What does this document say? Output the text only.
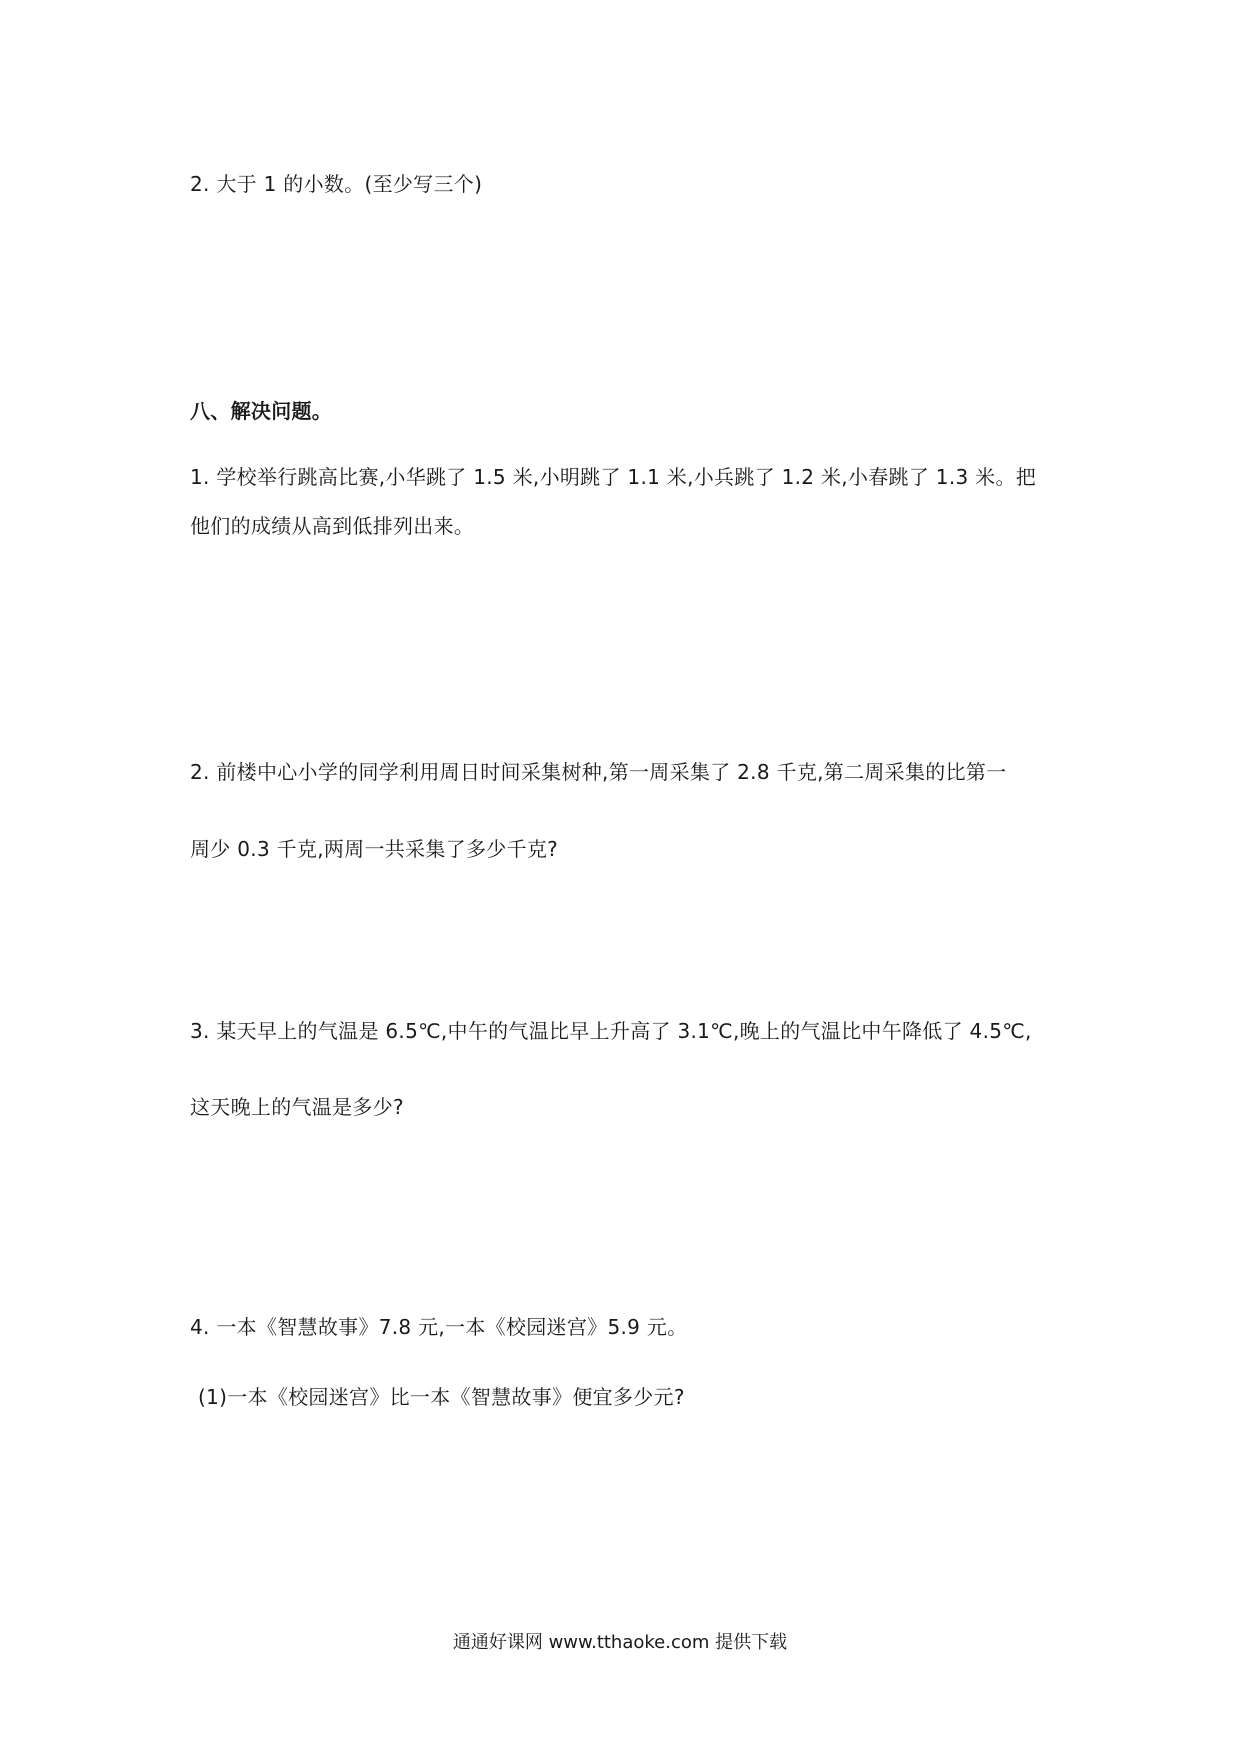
2. 大于 1 的小数。(至少写三个)
八、解决问题。
1. 学校举行跳高比赛,小华跳了 1.5 米,小明跳了 1.1 米,小兵跳了 1.2 米,小春跳了 1.3 米。把
他们的成绩从高到低排列出来。
2. 前楼中心小学的同学利用周日时间采集树种,第一周采集了 2.8 千克,第二周采集的比第一
周少 0.3 千克,两周一共采集了多少千克?
3. 某天早上的气温是 6.5℃,中午的气温比早上升高了 3.1℃,晚上的气温比中午降低了 4.5℃,
这天晚上的气温是多少?
4. 一本《智慧故事》7.8 元,一本《校园迷宫》5.9 元。
(1)一本《校园迷宫》比一本《智慧故事》便宜多少元?
通通好课网 www.tthaoke.com 提供下载
